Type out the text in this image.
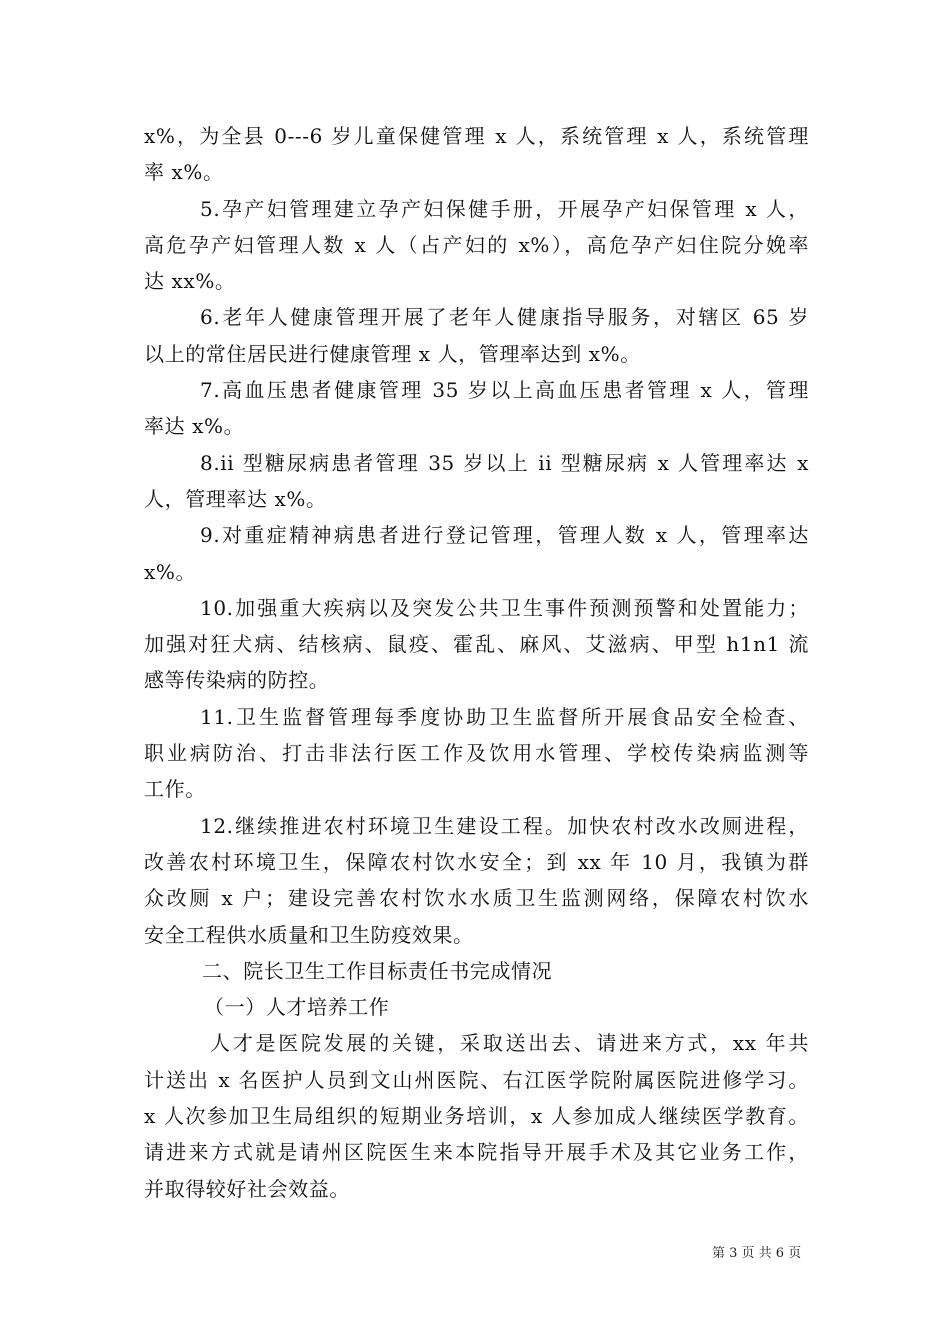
x%，为全县 0---6 岁儿童保健管理 x 人，系统管理 x 人，系统管理
率 x%。
5.孕产妇管理建立孕产妇保健手册，开展孕产妇保管理 x 人，
高危孕产妇管理人数 x 人（占产妇的 x%），高危孕产妇住院分娩率
达 xx%。
6.老年人健康管理开展了老年人健康指导服务，对辖区 65 岁
以上的常住居民进行健康管理 x 人，管理率达到 x%。
7.高血压患者健康管理 35 岁以上高血压患者管理 x 人，管理
率达 x%。
8.ii 型糖尿病患者管理 35 岁以上 ii 型糖尿病 x 人管理率达 x
人，管理率达 x%。
9.对重症精神病患者进行登记管理，管理人数 x 人，管理率达
x%。
10.加强重大疾病以及突发公共卫生事件预测预警和处置能力；
加强对狂犬病、结核病、鼠疫、霍乱、麻风、艾滋病、甲型 h1n1 流
感等传染病的防控。
11.卫生监督管理每季度协助卫生监督所开展食品安全检查、
职业病防治、打击非法行医工作及饮用水管理、学校传染病监测等
工作。
12.继续推进农村环境卫生建设工程。加快农村改水改厕进程，
改善农村环境卫生，保障农村饮水安全；到 xx 年 10 月，我镇为群
众改厕 x 户；建设完善农村饮水水质卫生监测网络，保障农村饮水
安全工程供水质量和卫生防疫效果。
二、院长卫生工作目标责任书完成情况
（一）人才培养工作
人才是医院发展的关键，采取送出去、请进来方式，xx 年共
计送出 x 名医护人员到文山州医院、右江医学院附属医院进修学习。
x 人次参加卫生局组织的短期业务培训，x 人参加成人继续医学教育。
请进来方式就是请州区院医生来本院指导开展手术及其它业务工作，
并取得较好社会效益。
第 3 页 共 6 页
